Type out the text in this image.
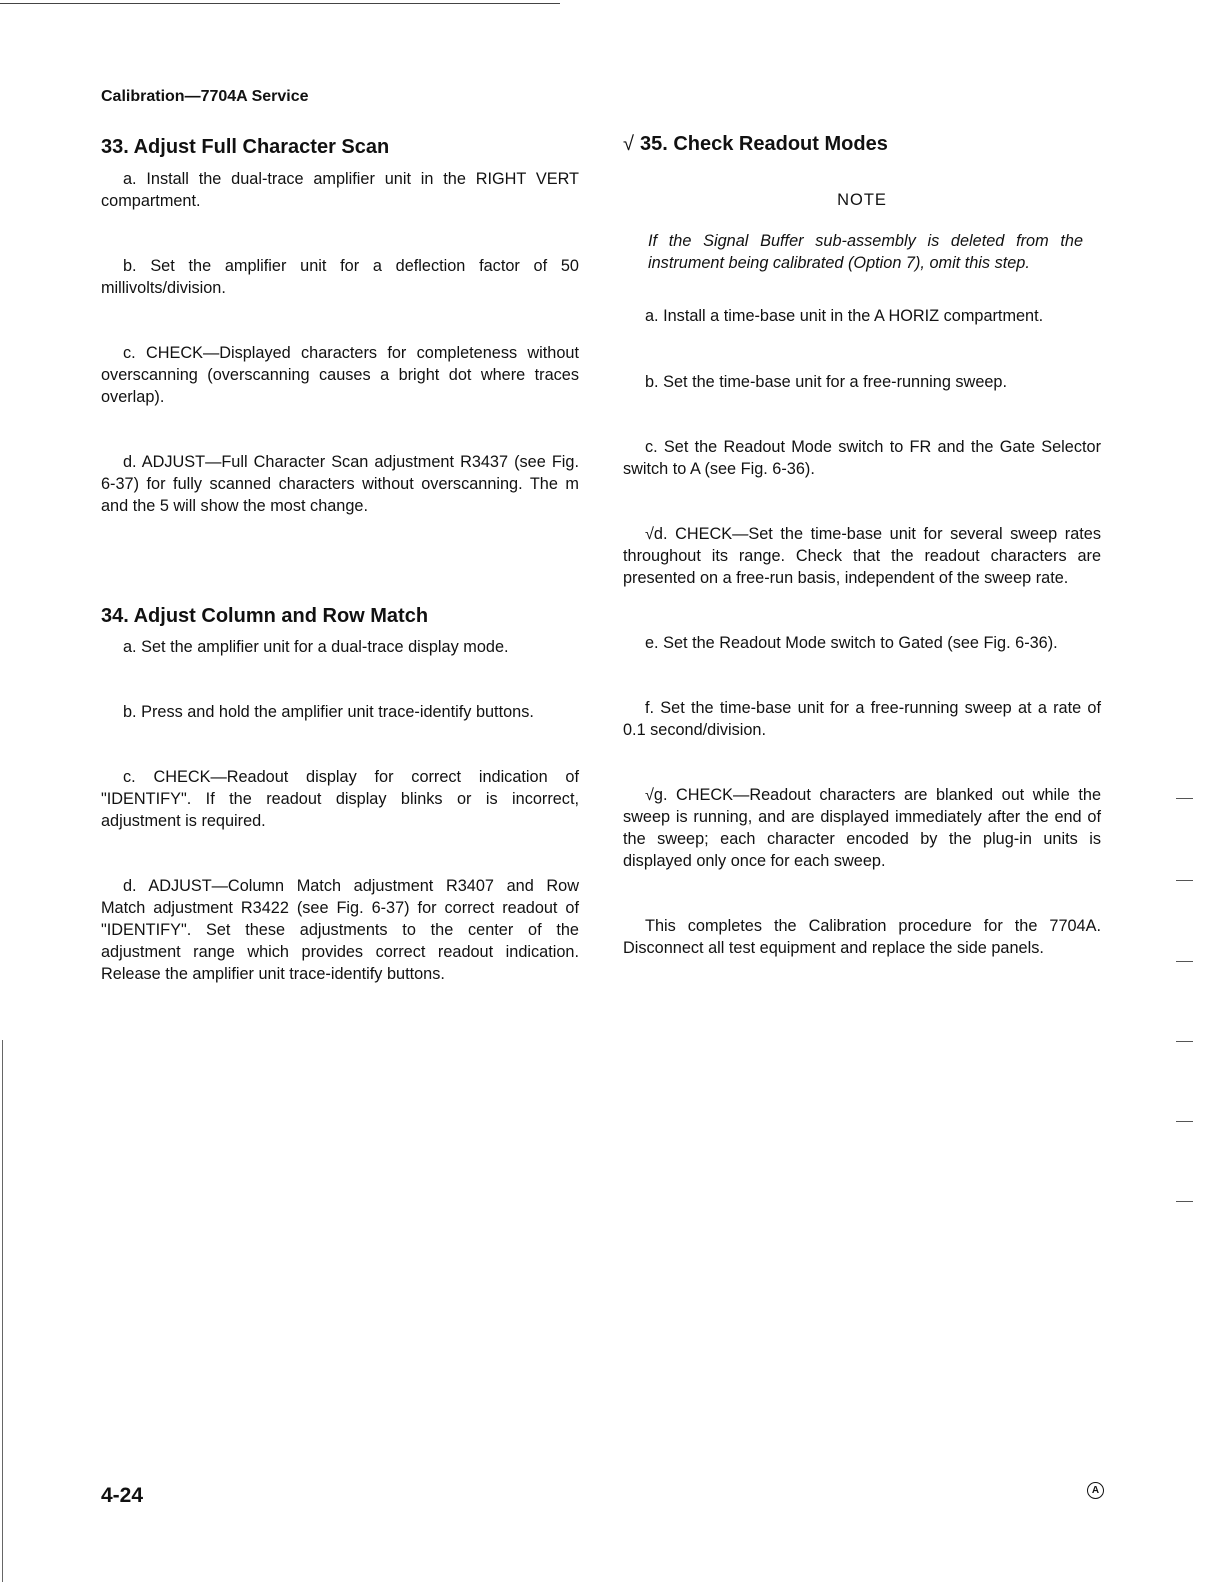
Calibration—7704A Service
33. Adjust Full Character Scan

a. Install the dual-trace amplifier unit in the RIGHT VERT compartment.

b. Set the amplifier unit for a deflection factor of 50 millivolts/division.

c. CHECK—Displayed characters for completeness without overscanning (overscanning causes a bright dot where traces overlap).

d. ADJUST—Full Character Scan adjustment R3437 (see Fig. 6-37) for fully scanned characters without overscanning. The m and the 5 will show the most change.

34. Adjust Column and Row Match

a. Set the amplifier unit for a dual-trace display mode.

b. Press and hold the amplifier unit trace-identify buttons.

c. CHECK—Readout display for correct indication of "IDENTIFY". If the readout display blinks or is incorrect, adjustment is required.

d. ADJUST—Column Match adjustment R3407 and Row Match adjustment R3422 (see Fig. 6-37) for correct readout of "IDENTIFY". Set these adjustments to the center of the adjustment range which provides correct readout indication. Release the amplifier unit trace-identify buttons.

√ 35. Check Readout Modes

NOTE

If the Signal Buffer sub-assembly is deleted from the instrument being calibrated (Option 7), omit this step.

a. Install a time-base unit in the A HORIZ compartment.

b. Set the time-base unit for a free-running sweep.

c. Set the Readout Mode switch to FR and the Gate Selector switch to A (see Fig. 6-36).

√d. CHECK—Set the time-base unit for several sweep rates throughout its range. Check that the readout characters are presented on a free-run basis, independent of the sweep rate.

e. Set the Readout Mode switch to Gated (see Fig. 6-36).

f. Set the time-base unit for a free-running sweep at a rate of 0.1 second/division.

√g. CHECK—Readout characters are blanked out while the sweep is running, and are displayed immediately after the end of the sweep; each character encoded by the plug-in units is displayed only once for each sweep.

This completes the Calibration procedure for the 7704A. Disconnect all test equipment and replace the side panels.

4-24	A
